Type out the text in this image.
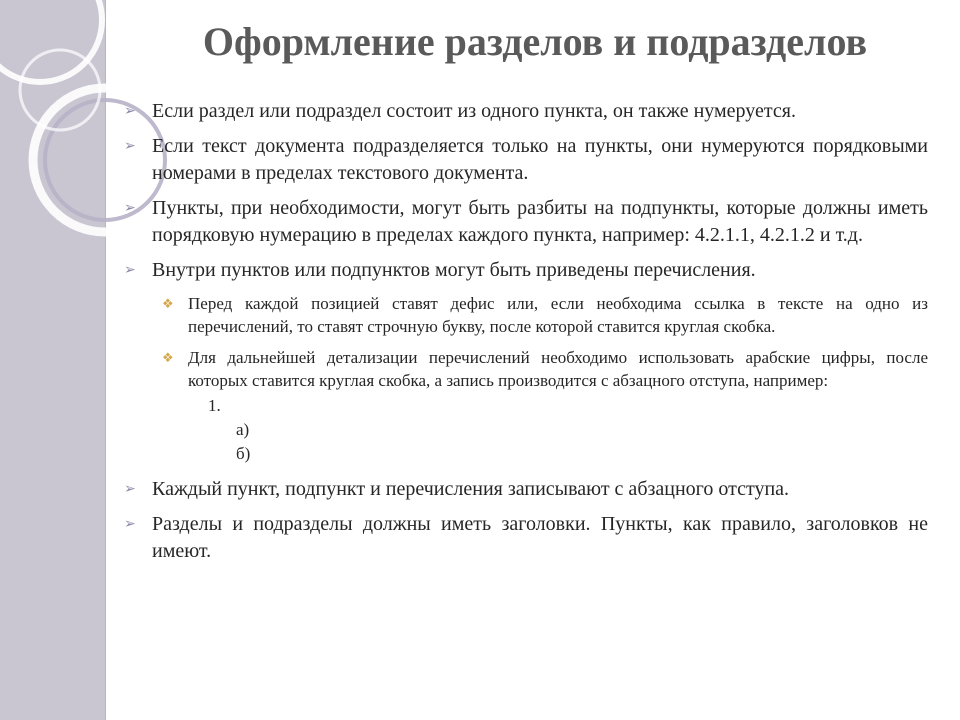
Оформление разделов и подразделов
➢ Если раздел или подраздел состоит из одного пункта, он также нумеруется.
➢ Если текст документа подразделяется только на пункты, они нумеруются порядковыми номерами в пределах текстового документа.
➢ Пункты, при необходимости, могут быть разбиты на подпункты, которые должны иметь порядковую нумерацию в пределах каждого пункта, например: 4.2.1.1, 4.2.1.2 и т.д.
➢ Внутри пунктов или подпунктов могут быть приведены перечисления.
❖ Перед каждой позицией ставят дефис или, если необходима ссылка в тексте на одно из перечислений, то ставят строчную букву, после которой ставится круглая скобка.
❖ Для дальнейшей детализации перечислений необходимо использовать арабские цифры, после которых ставится круглая скобка, а запись производится с абзацного отступа, например:
1.
а)
б)
➢ Каждый пункт, подпункт и перечисления записывают с абзацного отступа.
➢ Разделы и подразделы должны иметь заголовки. Пункты, как правило, заголовков не имеют.
